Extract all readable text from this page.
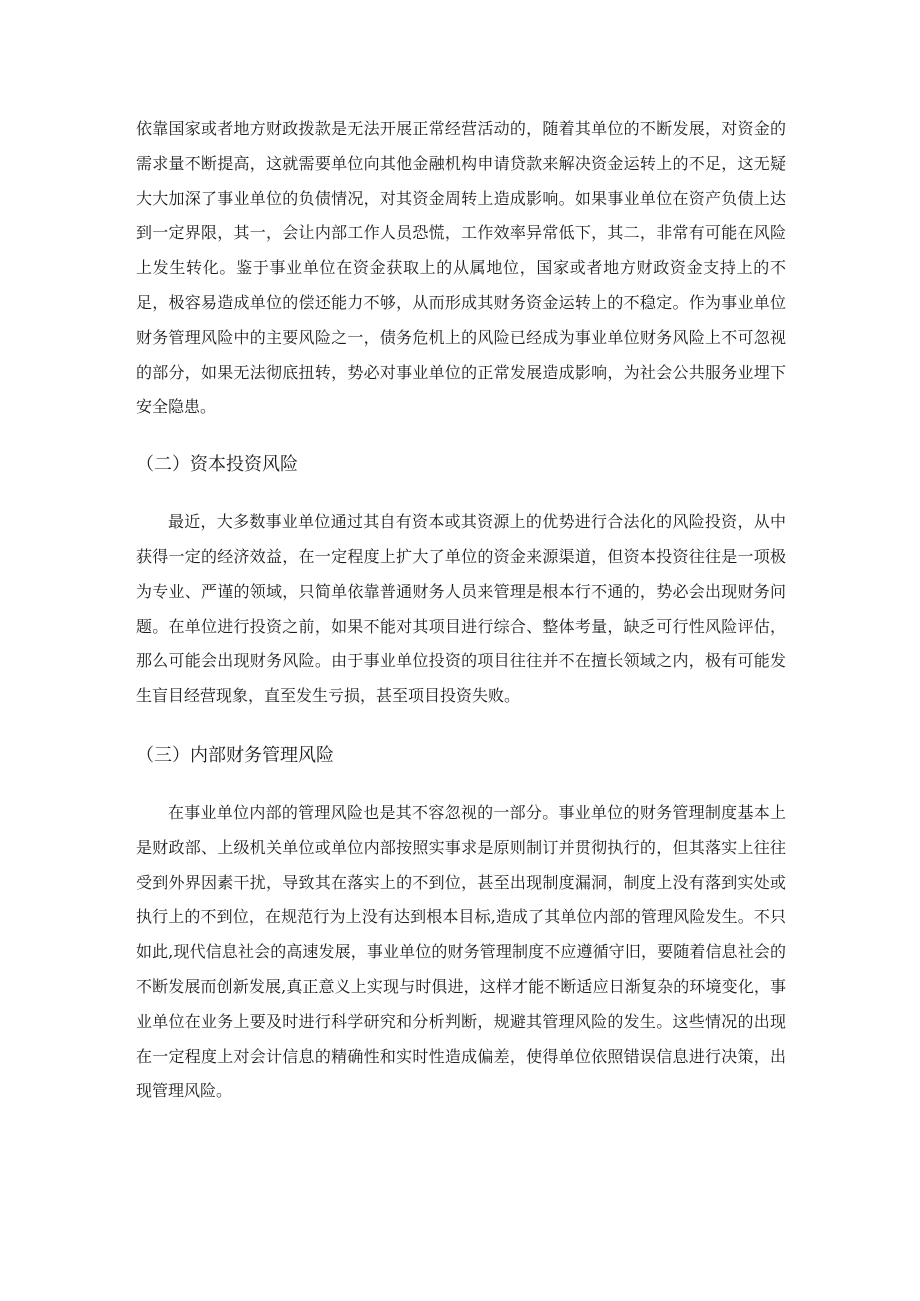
依靠国家或者地方财政拨款是无法开展正常经营活动的，随着其单位的不断发展，对资金的需求量不断提高，这就需要单位向其他金融机构申请贷款来解决资金运转上的不足，这无疑大大加深了事业单位的负债情况，对其资金周转上造成影响。如果事业单位在资产负债上达到一定界限，其一，会让内部工作人员恐慌，工作效率异常低下，其二，非常有可能在风险上发生转化。鉴于事业单位在资金获取上的从属地位，国家或者地方财政资金支持上的不足，极容易造成单位的偿还能力不够，从而形成其财务资金运转上的不稳定。作为事业单位财务管理风险中的主要风险之一，债务危机上的风险已经成为事业单位财务风险上不可忽视的部分，如果无法彻底扭转，势必对事业单位的正常发展造成影响，为社会公共服务业埋下安全隐患。

（二）资本投资风险

最近，大多数事业单位通过其自有资本或其资源上的优势进行合法化的风险投资，从中获得一定的经济效益，在一定程度上扩大了单位的资金来源渠道，但资本投资往往是一项极为专业、严谨的领域，只简单依靠普通财务人员来管理是根本行不通的，势必会出现财务问题。在单位进行投资之前，如果不能对其项目进行综合、整体考量，缺乏可行性风险评估，那么可能会出现财务风险。由于事业单位投资的项目往往并不在擅长领域之内，极有可能发生盲目经营现象，直至发生亏损，甚至项目投资失败。

（三）内部财务管理风险

在事业单位内部的管理风险也是其不容忽视的一部分。事业单位的财务管理制度基本上是财政部、上级机关单位或单位内部按照实事求是原则制订并贯彻执行的，但其落实上往往受到外界因素干扰，导致其在落实上的不到位，甚至出现制度漏洞，制度上没有落到实处或执行上的不到位，在规范行为上没有达到根本目标,造成了其单位内部的管理风险发生。不只如此,现代信息社会的高速发展，事业单位的财务管理制度不应遵循守旧，要随着信息社会的不断发展而创新发展,真正意义上实现与时俱进，这样才能不断适应日渐复杂的环境变化，事业单位在业务上要及时进行科学研究和分析判断，规避其管理风险的发生。这些情况的出现在一定程度上对会计信息的精确性和实时性造成偏差，使得单位依照错误信息进行决策，出现管理风险。
